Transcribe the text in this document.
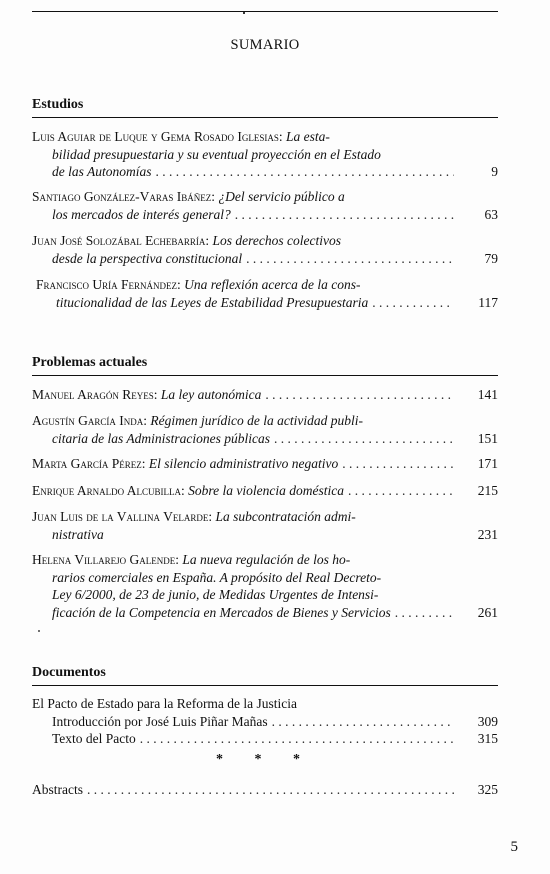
SUMARIO
Estudios
Luis Aguiar de Luque y Gema Rosado Iglesias:
La esta-
bilidad presupuestaria y su eventual proyección en el Estado
de las Autonomías . . .	9
Santiago González-Varas Ibáñez:
¿Del servicio público a
los mercados de interés general? . . .	63
Juan José Solozábal Echebarría:
Los derechos colectivos
desde la perspectiva constitucional . . .	79
Francisco Uría Fernández:
Una reflexión acerca de la cons-
titucionalidad de las Leyes de Estabilidad Presupuestaria . . .	117
Problemas actuales
Manuel Aragón Reyes:
La ley autonómica . . .	141
Agustín García Inda:
Régimen jurídico de la actividad publi-
citaria de las Administraciones públicas . . .	151
Marta García Pérez:
El silencio administrativo negativo . . .	171
Enrique Arnaldo Alcubilla:
Sobre la violencia doméstica . . .	215
Juan Luis de la Vallina Velarde:
La subcontratación admi-
nistrativa	231
Helena Villarejo Galende:
La nueva regulación de los ho-
rarios comerciales en España. A propósito del Real Decreto-
Ley 6/2000, de 23 de junio, de Medidas Urgentes de Intensi-
ficación de la Competencia en Mercados de Bienes y Servicios . . .	261
Documentos
El Pacto de Estado para la Reforma de la Justicia
Introducción por José Luis Piñar Mañas . . .	309
Texto del Pacto . . .	315
* * *
Abstracts . . .	325
5
